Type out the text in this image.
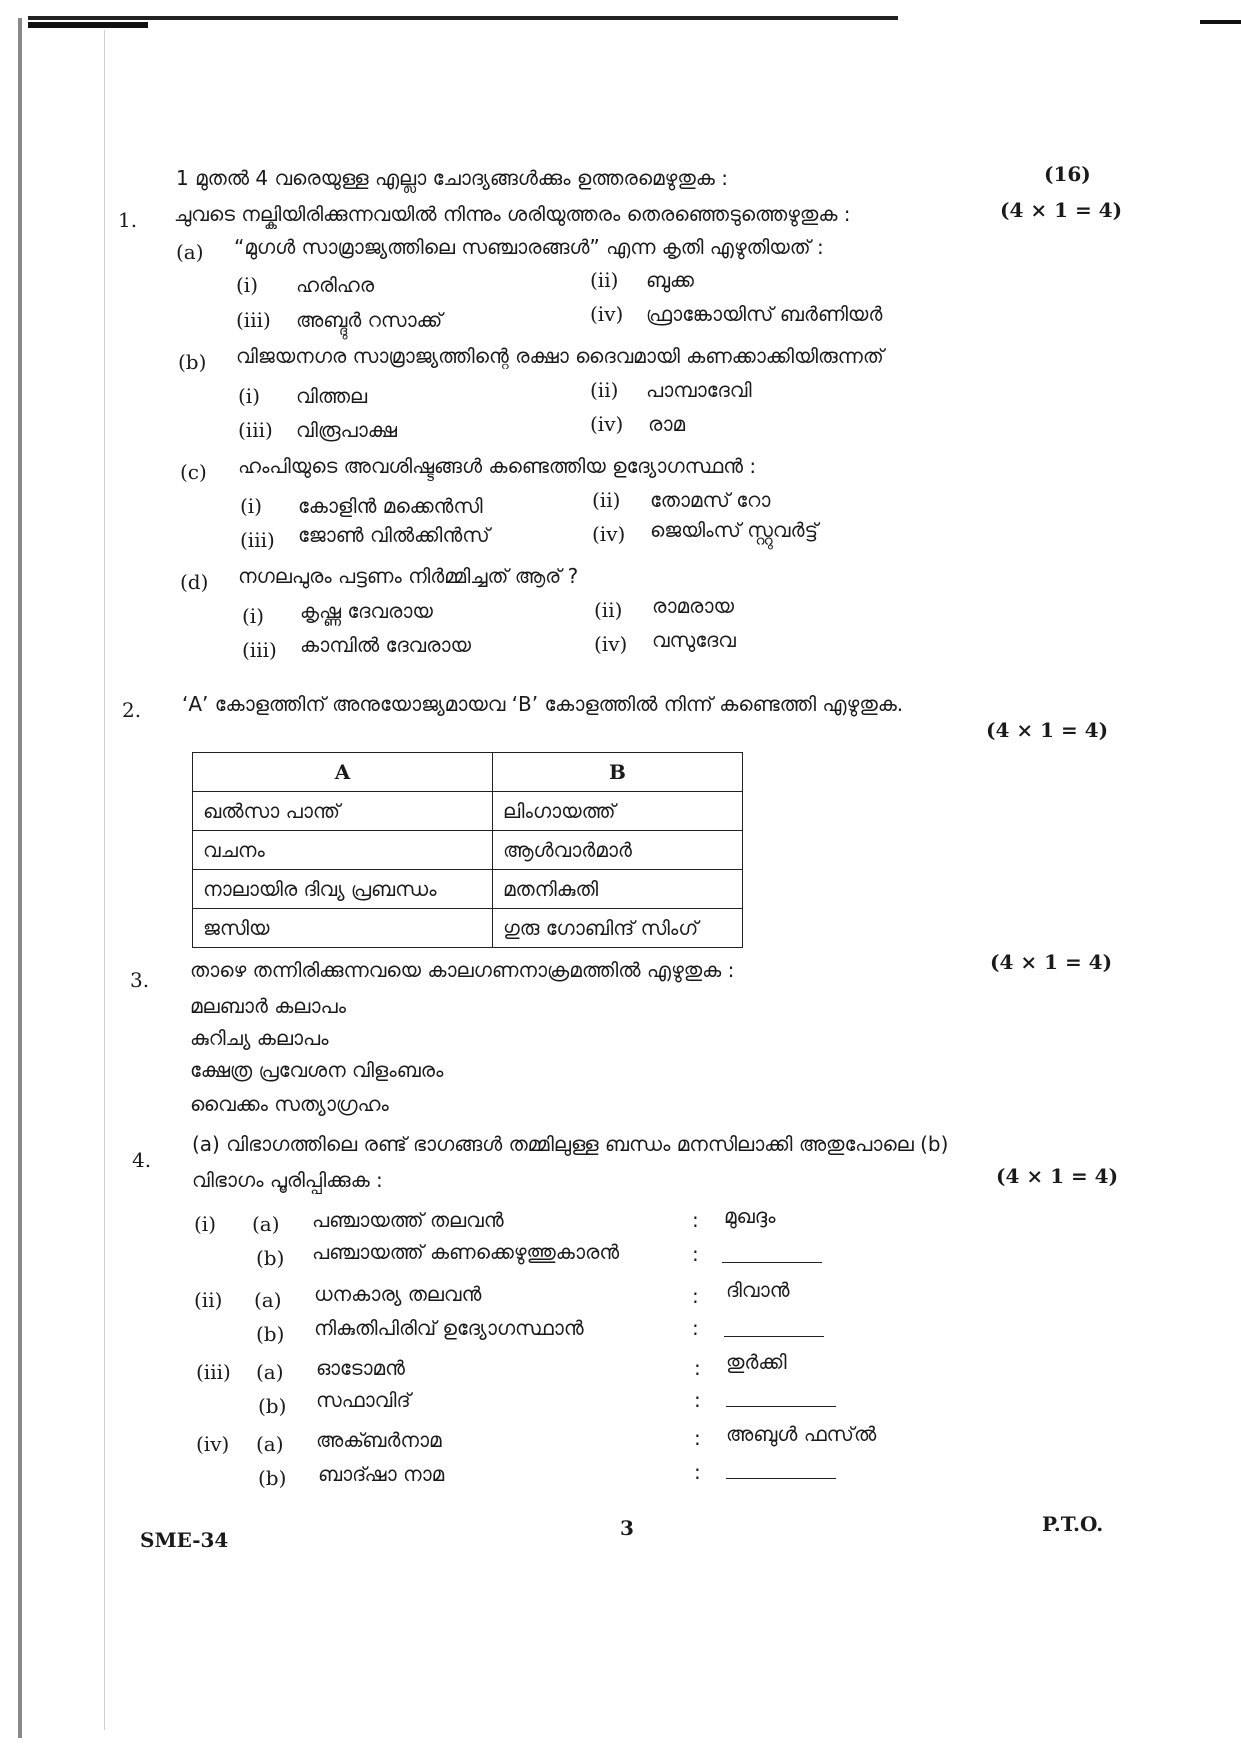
1 മുതൽ 4 വരെയുള്ള എല്ലാ ചോദ്യങ്ങൾക്കും ഉത്തരമെഴുതുക :	(16)
1. ചുവടെ നല്കിയിരിക്കുന്നവയിൽ നിന്നും ശരിയുത്തരം തെരഞ്ഞെടുത്തെഴുതുക :	(4 × 1 = 4)
(a) “മുഗൾ സാമ്രാജ്യത്തിലെ സഞ്ചാരങ്ങൾ” എന്ന കൃതി എഴുതിയത് :
(i) ഹരിഹര	(ii) ബുക്ക
(iii) അബ്ദുർ റസാക്ക്	(iv) ഫ്രാങ്കോയിസ് ബർണിയർ
(b) വിജയനഗര സാമ്രാജ്യത്തിന്റെ രക്ഷാ ദൈവമായി കണക്കാക്കിയിരുന്നത്
(i) വിത്തല	(ii) പാമ്പാദേവി
(iii) വിരൂപാക്ഷ	(iv) രാമ
(c) ഹംപിയുടെ അവശിഷ്ടങ്ങൾ കണ്ടെത്തിയ ഉദ്യോഗസ്ഥൻ :
(i) കോളിൻ മക്കെൻസി	(ii) തോമസ് റോ
(iii) ജോൺ വിൽക്കിൻസ്	(iv) ജെയിംസ് സ്റ്റുവർട്ട്
(d) നഗലപുരം പട്ടണം നിർമ്മിച്ചത് ആര് ?
(i) കൃഷ്ണ ദേവരായ	(ii) രാമരായ
(iii) കാമ്പിൽ ദേവരായ	(iv) വസുദേവ
2. ‘A’ കോളത്തിന് അനുയോജ്യമായവ ‘B’ കോളത്തിൽ നിന്ന് കണ്ടെത്തി എഴുതുക.
(4 × 1 = 4)
A	B
ഖൽസാ പാന്ത്	ലിംഗായത്ത്
വചനം	ആൾവാർമാർ
നാലായിര ദിവ്യ പ്രബന്ധം	മതനികുതി
ജസിയ	ഗുരു ഗോബിന്ദ് സിംഗ്
3. താഴെ തന്നിരിക്കുന്നവയെ കാലഗണനാക്രമത്തിൽ എഴുതുക :	(4 × 1 = 4)
മലബാർ കലാപം
കുറിച്യ കലാപം
ക്ഷേത്ര പ്രവേശന വിളംബരം
വൈക്കം സത്യാഗ്രഹം
4.
(a) വിഭാഗത്തിലെ രണ്ട് ഭാഗങ്ങൾ തമ്മിലുള്ള ബന്ധം മനസിലാക്കി അതുപോലെ (b)
വിഭാഗം പൂരിപ്പിക്കുക :	(4 × 1 = 4)
(i) (a) പഞ്ചായത്ത് തലവൻ	: മുഖദ്ദം
(b) പഞ്ചായത്ത് കണക്കെഴുത്തുകാരൻ	:
(ii) (a) ധനകാര്യ തലവൻ	: ദിവാൻ
(b) നികുതിപിരിവ് ഉദ്യോഗസ്ഥാൻ	:
(iii) (a) ഓടോമൻ	: തുർക്കി
(b) സഫാവിദ്	:
(iv) (a) അക്ബർനാമ	: അബുൾ ഫസ്ൽ
(b) ബാദ്ഷാ നാമ	:
SME-34	3	P.T.O.
